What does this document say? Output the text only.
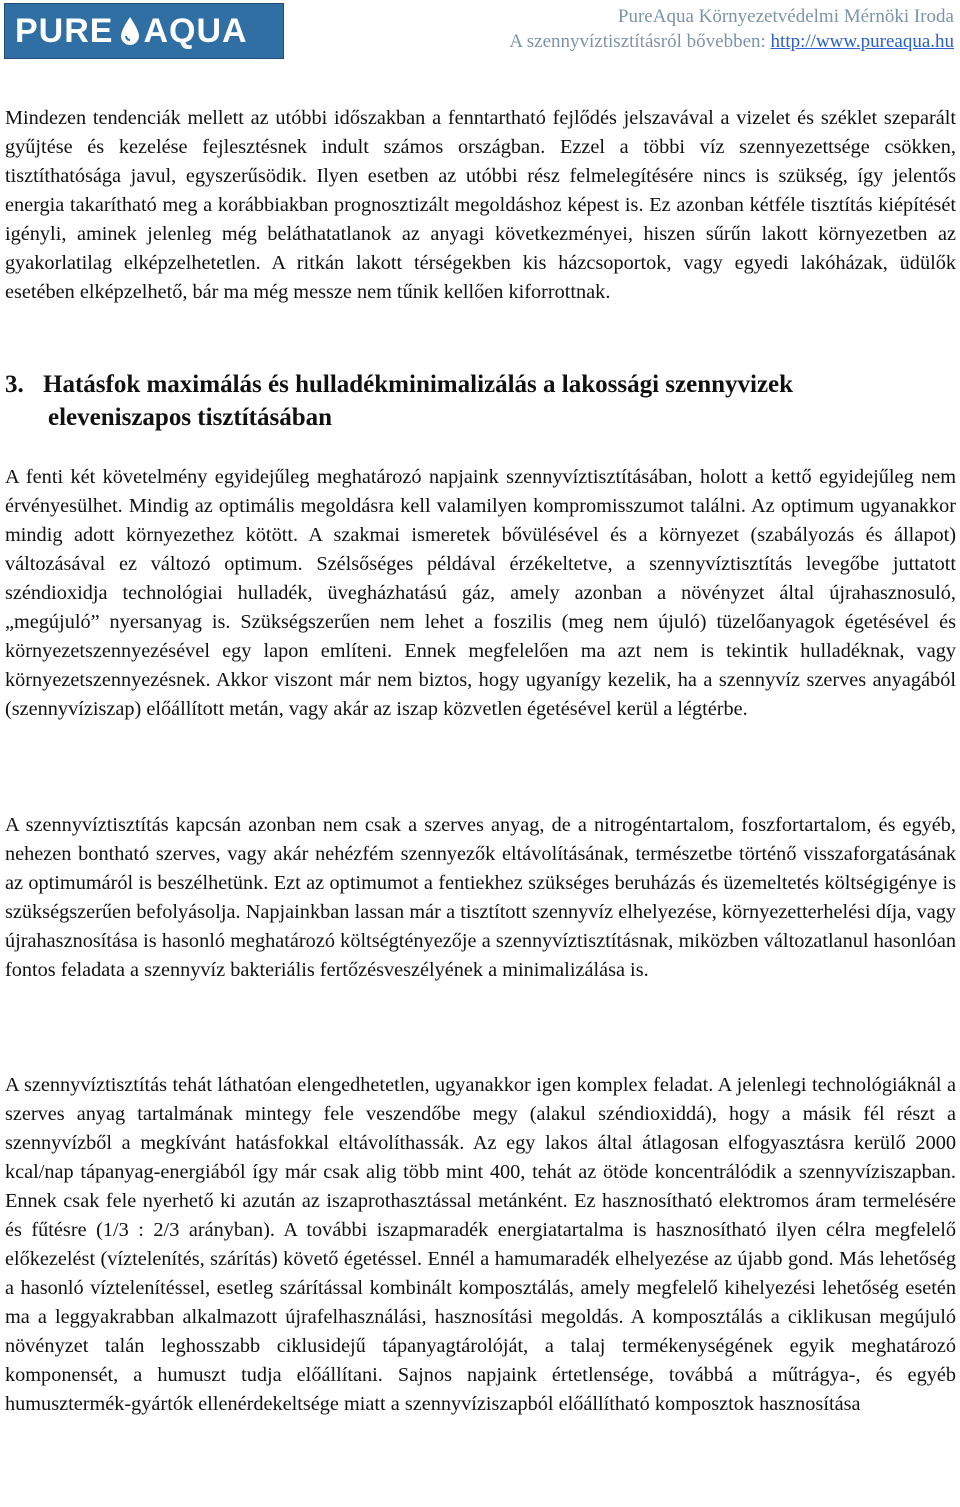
PURE AQUA	PureAqua Környezetvédelmi Mérnöki Iroda
A szennyvíztisztításról bővebben: http://www.pureaqua.hu

Mindezen tendenciák mellett az utóbbi időszakban a fenntartható fejlődés jelszavával a vizelet és széklet szeparált gyűjtése és kezelése fejlesztésnek indult számos országban. Ezzel a többi víz szennyezettsége csökken, tisztíthatósága javul, egyszerűsödik. Ilyen esetben az utóbbi rész felmelegítésére nincs is szükség, így jelentős energia takarítható meg a korábbiakban prognosztizált megoldáshoz képest is. Ez azonban kétféle tisztítás kiépítését igényli, aminek jelenleg még beláthatatlanok az anyagi következményei, hiszen sűrűn lakott környezetben az gyakorlatilag elképzelhetetlen. A ritkán lakott térségekben kis házcsoportok, vagy egyedi lakóházak, üdülők esetében elképzelhető, bár ma még messze nem tűnik kellően kiforrottnak.

3. Hatásfok maximálás és hulladékminimalizálás a lakossági szennyvizek
eleveniszapos tisztításában

A fenti két követelmény egyidejűleg meghatározó napjaink szennyvíztisztításában, holott a kettő egyidejűleg nem érvényesülhet. Mindig az optimális megoldásra kell valamilyen kompromisszumot találni. Az optimum ugyanakkor mindig adott környezethez kötött. A szakmai ismeretek bővülésével és a környezet (szabályozás és állapot) változásával ez változó optimum. Szélsőséges példával érzékeltetve, a szennyvíztisztítás levegőbe juttatott széndioxidja technológiai hulladék, üvegházhatású gáz, amely azonban a növényzet által újrahasznosuló, „megújuló” nyersanyag is. Szükségszerűen nem lehet a foszilis (meg nem újuló) tüzelőanyagok égetésével és környezetszennyezésével egy lapon említeni. Ennek megfelelően ma azt nem is tekintik hulladéknak, vagy környezetszennyezésnek. Akkor viszont már nem biztos, hogy ugyanígy kezelik, ha a szennyvíz szerves anyagából (szennyvíziszap) előállított metán, vagy akár az iszap közvetlen égetésével kerül a légtérbe.

A szennyvíztisztítás kapcsán azonban nem csak a szerves anyag, de a nitrogéntartalom, foszfortartalom, és egyéb, nehezen bontható szerves, vagy akár nehézfém szennyezők eltávolításának, természetbe történő visszaforgatásának az optimumáról is beszélhetünk. Ezt az optimumot a fentiekhez szükséges beruházás és üzemeltetés költségigénye is szükségszerűen befolyásolja. Napjainkban lassan már a tisztított szennyvíz elhelyezése, környezetterhelési díja, vagy újrahasznosítása is hasonló meghatározó költségtényezője a szennyvíztisztításnak, miközben változatlanul hasonlóan fontos feladata a szennyvíz bakteriális fertőzésveszélyének a minimalizálása is.

A szennyvíztisztítás tehát láthatóan elengedhetetlen, ugyanakkor igen komplex feladat. A jelenlegi technológiáknál a szerves anyag tartalmának mintegy fele veszendőbe megy (alakul széndioxiddá), hogy a másik fél részt a szennyvízből a megkívánt hatásfokkal eltávolíthassák. Az egy lakos által átlagosan elfogyasztásra kerülő 2000 kcal/nap tápanyag-energiából így már csak alig több mint 400, tehát az ötöde koncentrálódik a szennyvíziszapban. Ennek csak fele nyerhető ki azután az iszaprothasztással metánként. Ez hasznosítható elektromos áram termelésére és fűtésre (1/3 : 2/3 arányban). A további iszapmaradék energiatartalma is hasznosítható ilyen célra megfelelő előkezelést (víztelenítés, szárítás) követő égetéssel. Ennél a hamumaradék elhelyezése az újabb gond. Más lehetőség a hasonló víztelenítéssel, esetleg szárítással kombinált komposztálás, amely megfelelő kihelyezési lehetőség esetén ma a leggyakrabban alkalmazott újrafelhasználási, hasznosítási megoldás. A komposztálás a ciklikusan megújuló növényzet talán leghosszabb ciklusidejű tápanyagtárolóját, a talaj termékenységének egyik meghatározó komponensét, a humuszt tudja előállítani. Sajnos napjaink értetlensége, továbbá a műtrágya-, és egyéb humusztermék-gyártók ellenérdekeltsége miatt a szennyvíziszapból előállítható komposztok hasznosítása
